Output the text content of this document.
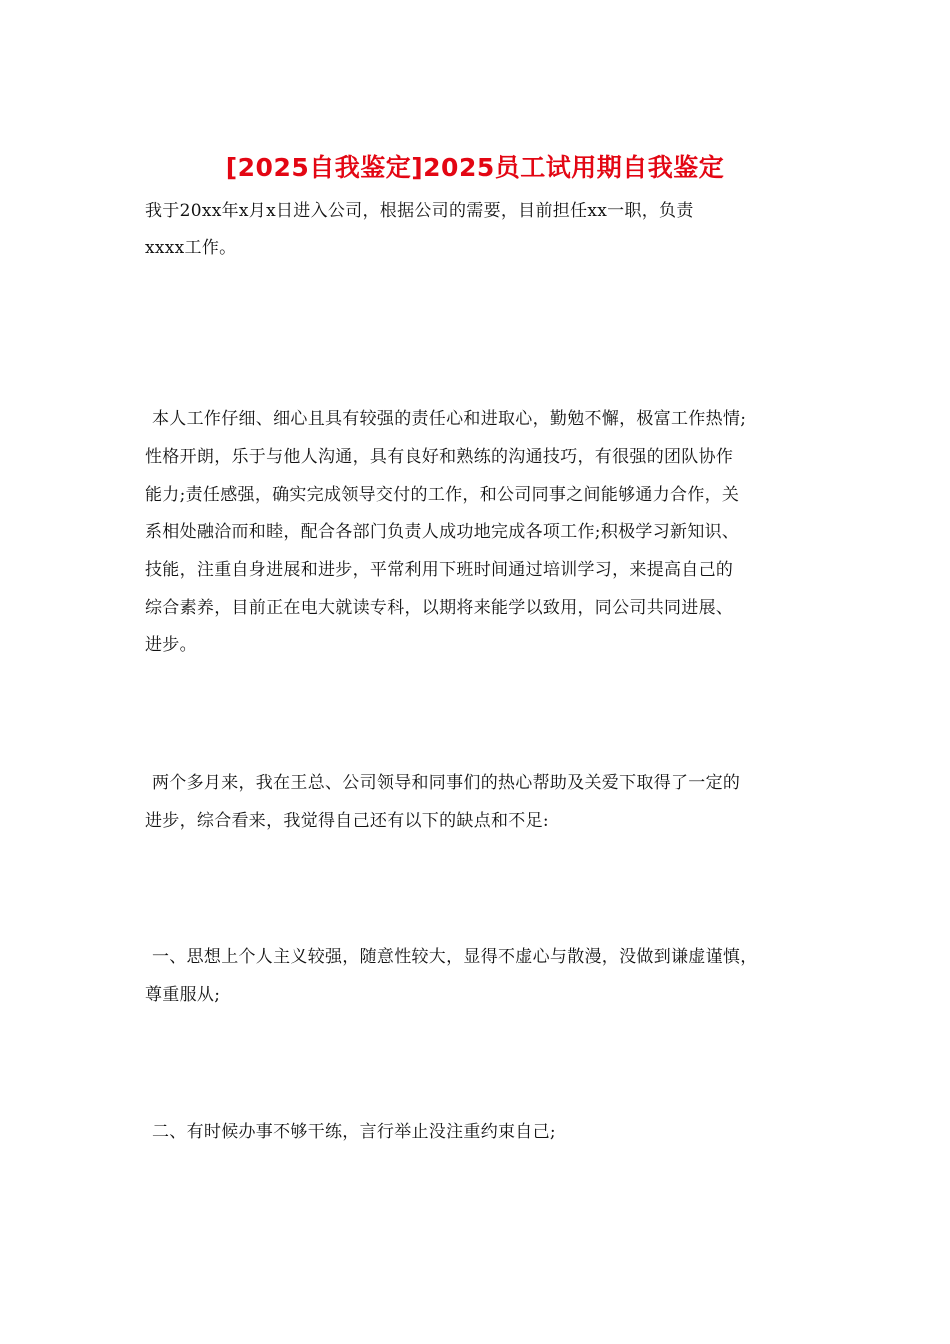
[2025自我鉴定]2025员工试用期自我鉴定
我于20xx年x月x日进入公司，根据公司的需要，目前担任xx一职，负责
xxxx工作。
本人工作仔细、细心且具有较强的责任心和进取心，勤勉不懈，极富工作热情;
性格开朗，乐于与他人沟通，具有良好和熟练的沟通技巧，有很强的团队协作
能力;责任感强，确实完成领导交付的工作，和公司同事之间能够通力合作，关
系相处融洽而和睦，配合各部门负责人成功地完成各项工作;积极学习新知识、
技能，注重自身进展和进步，平常利用下班时间通过培训学习，来提高自己的
综合素养，目前正在电大就读专科，以期将来能学以致用，同公司共同进展、
进步。
两个多月来，我在王总、公司领导和同事们的热心帮助及关爱下取得了一定的
进步，综合看来，我觉得自己还有以下的缺点和不足:
一、思想上个人主义较强，随意性较大，显得不虚心与散漫，没做到谦虚谨慎，
尊重服从;
二、有时候办事不够干练，言行举止没注重约束自己;
